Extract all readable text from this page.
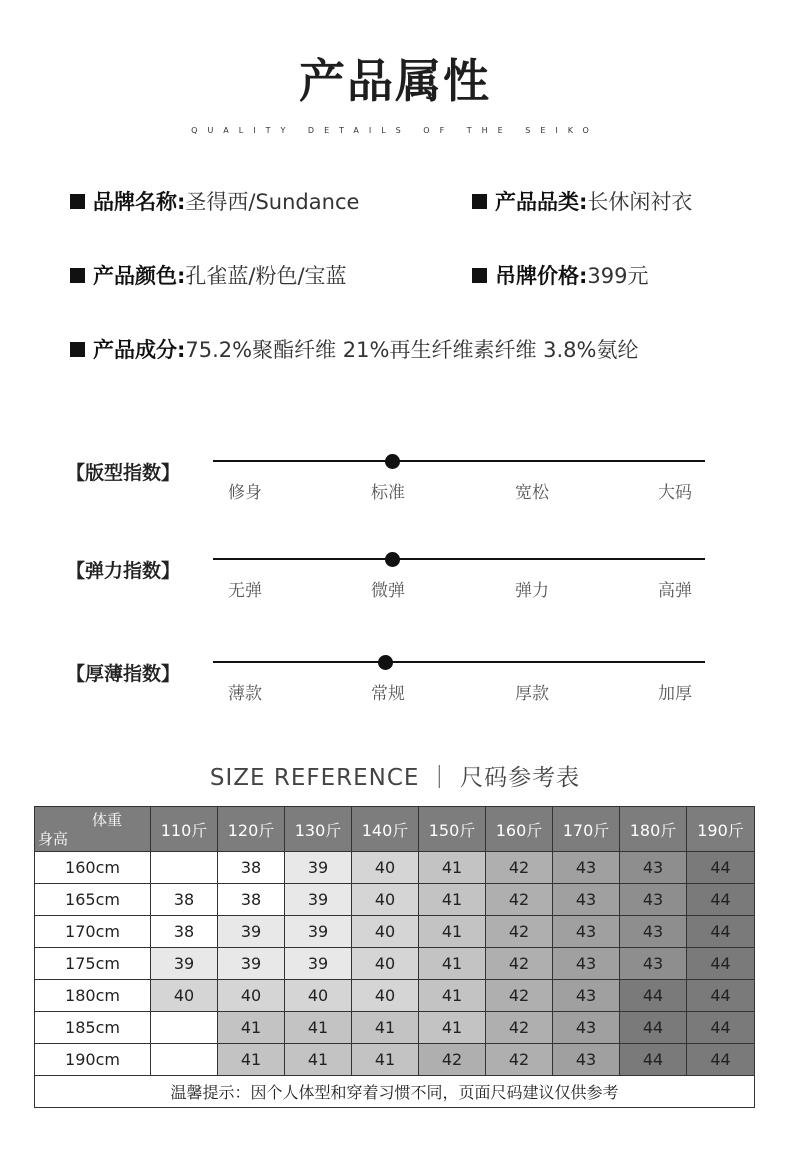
产品属性
QUALITY DETAILS OF THE SEIKO
品牌名称: 圣得西/Sundance	产品品类: 长休闲衬衣
产品颜色: 孔雀蓝/粉色/宝蓝	吊牌价格: 399元
产品成分: 75.2%聚酯纤维 21%再生纤维素纤维 3.8%氨纶
【版型指数】
修身	标准	宽松	大码
【弹力指数】
无弹	微弹	弹力	高弹
【厚薄指数】
薄款	常规	厚款	加厚
SIZE REFERENCE ｜ 尺码参考表
体重
身高	110斤	120斤	130斤	140斤	150斤	160斤	170斤	180斤	190斤
160cm		38	39	40	41	42	43	43	44
165cm	38	38	39	40	41	42	43	43	44
170cm	38	39	39	40	41	42	43	43	44
175cm	39	39	39	40	41	42	43	43	44
180cm	40	40	40	40	41	42	43	44	44
185cm		41	41	41	41	42	43	44	44
190cm		41	41	41	42	42	43	44	44
温馨提示：因个人体型和穿着习惯不同，页面尺码建议仅供参考									
